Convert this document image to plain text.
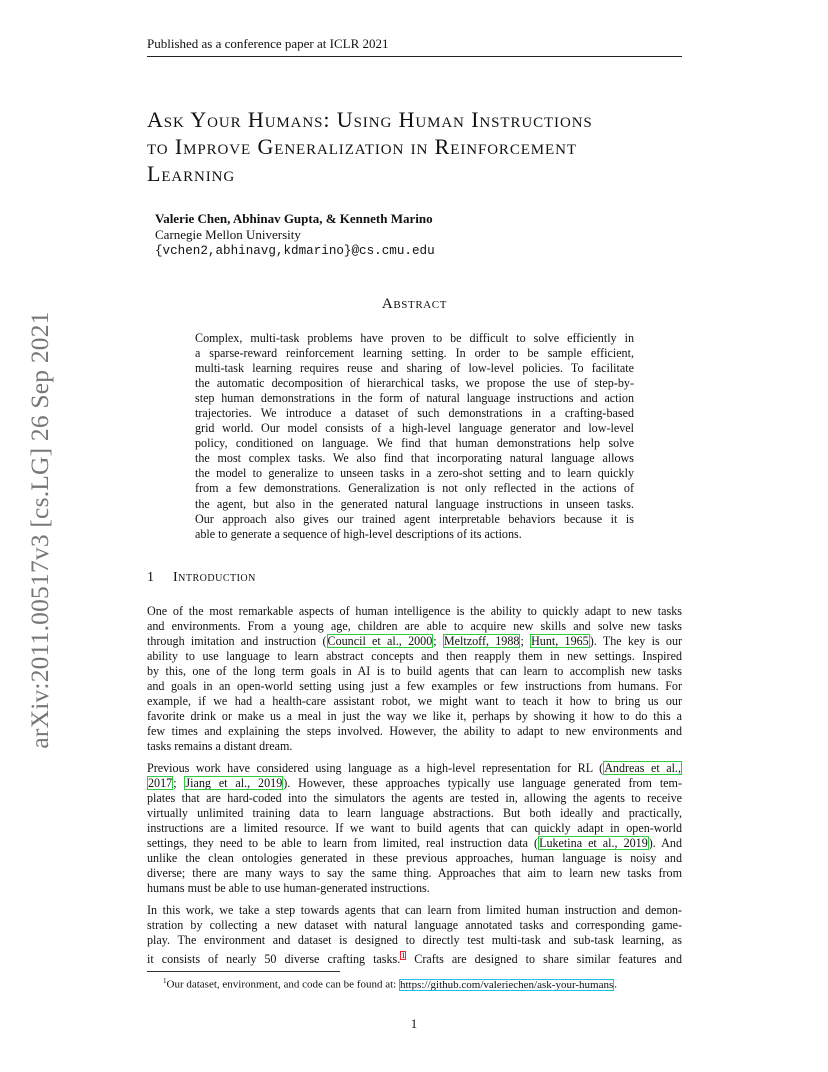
Published as a conference paper at ICLR 2021
arXiv:2011.00517v3 [cs.LG] 26 Sep 2021
Ask Your Humans: Using Human Instructions
to Improve Generalization in Reinforcement
Learning
Valerie Chen, Abhinav Gupta, & Kenneth Marino
Carnegie Mellon University
{vchen2,abhinavg,kdmarino}@cs.cmu.edu
Abstract
Complex, multi-task problems have proven to be difficult to solve efficiently in
a sparse-reward reinforcement learning setting. In order to be sample efficient,
multi-task learning requires reuse and sharing of low-level policies. To facilitate
the automatic decomposition of hierarchical tasks, we propose the use of step-by-
step human demonstrations in the form of natural language instructions and action
trajectories. We introduce a dataset of such demonstrations in a crafting-based
grid world. Our model consists of a high-level language generator and low-level
policy, conditioned on language. We find that human demonstrations help solve
the most complex tasks. We also find that incorporating natural language allows
the model to generalize to unseen tasks in a zero-shot setting and to learn quickly
from a few demonstrations. Generalization is not only reflected in the actions of
the agent, but also in the generated natural language instructions in unseen tasks.
Our approach also gives our trained agent interpretable behaviors because it is
able to generate a sequence of high-level descriptions of its actions.
1 Introduction
One of the most remarkable aspects of human intelligence is the ability to quickly adapt to new tasks
and environments. From a young age, children are able to acquire new skills and solve new tasks
through imitation and instruction (Council et al., 2000; Meltzoff, 1988; Hunt, 1965). The key is our
ability to use language to learn abstract concepts and then reapply them in new settings. Inspired
by this, one of the long term goals in AI is to build agents that can learn to accomplish new tasks
and goals in an open-world setting using just a few examples or few instructions from humans. For
example, if we had a health-care assistant robot, we might want to teach it how to bring us our
favorite drink or make us a meal in just the way we like it, perhaps by showing it how to do this a
few times and explaining the steps involved. However, the ability to adapt to new environments and
tasks remains a distant dream.
Previous work have considered using language as a high-level representation for RL (Andreas et al.,
2017; Jiang et al., 2019). However, these approaches typically use language generated from tem-
plates that are hard-coded into the simulators the agents are tested in, allowing the agents to receive
virtually unlimited training data to learn language abstractions. But both ideally and practically,
instructions are a limited resource. If we want to build agents that can quickly adapt in open-world
settings, they need to be able to learn from limited, real instruction data (Luketina et al., 2019). And
unlike the clean ontologies generated in these previous approaches, human language is noisy and
diverse; there are many ways to say the same thing. Approaches that aim to learn new tasks from
humans must be able to use human-generated instructions.
In this work, we take a step towards agents that can learn from limited human instruction and demon-
stration by collecting a new dataset with natural language annotated tasks and corresponding game-
play. The environment and dataset is designed to directly test multi-task and sub-task learning, as
it consists of nearly 50 diverse crafting tasks.$^1$ Crafts are designed to share similar features and
$^1$Our dataset, environment, and code can be found at: https://github.com/valeriechen/ask-your-humans.
1
